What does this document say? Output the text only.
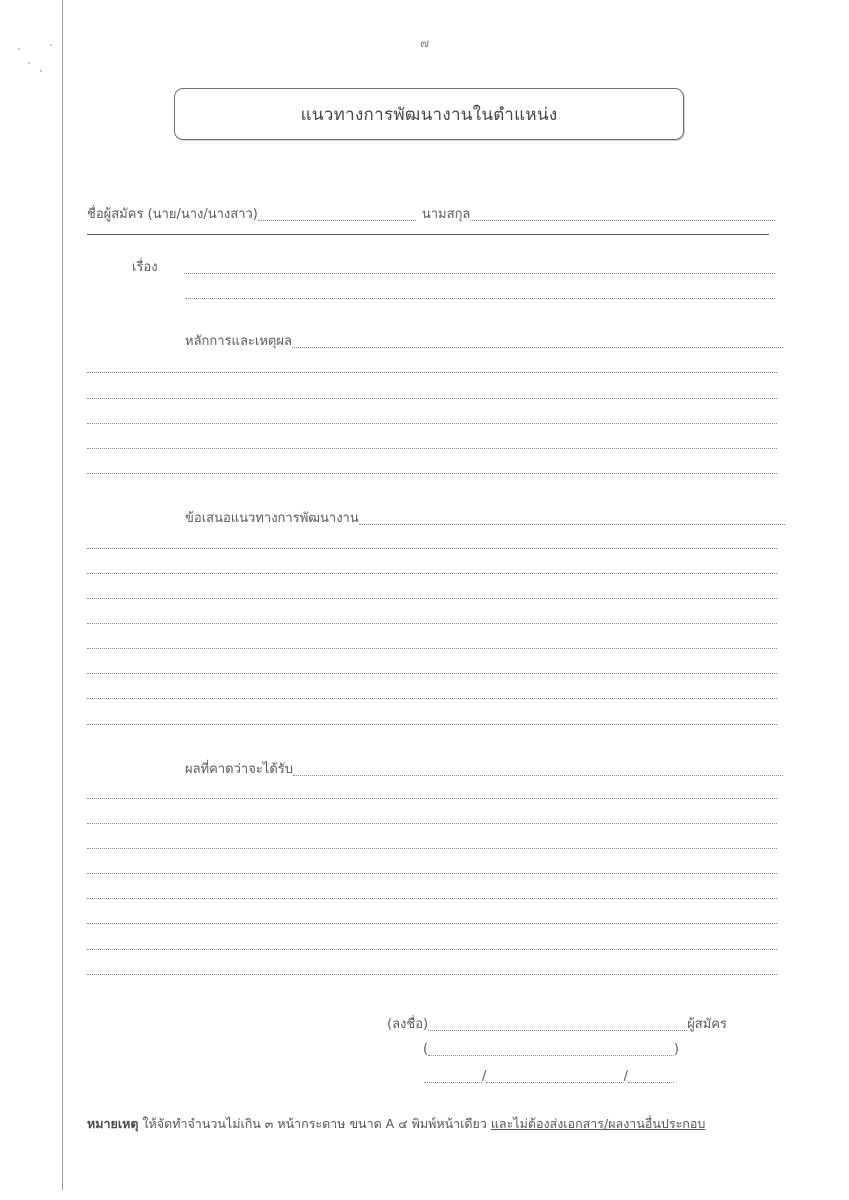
๗
แนวทางการพัฒนางานในตำแหน่ง
ชื่อผู้สมัคร (นาย/นาง/นางสาว)	นามสกุล
เรื่อง
หลักการและเหตุผล
ข้อเสนอแนวทางการพัฒนางาน
ผลที่คาดว่าจะได้รับ
(ลงชื่อ)	ผู้สมัคร
(	)
/	/
หมายเหตุ ให้จัดทำจำนวนไม่เกิน ๓ หน้ากระดาษ ขนาด A ๔ พิมพ์หน้าเดียว และไม่ต้องส่งเอกสาร/ผลงานอื่นประกอบ
